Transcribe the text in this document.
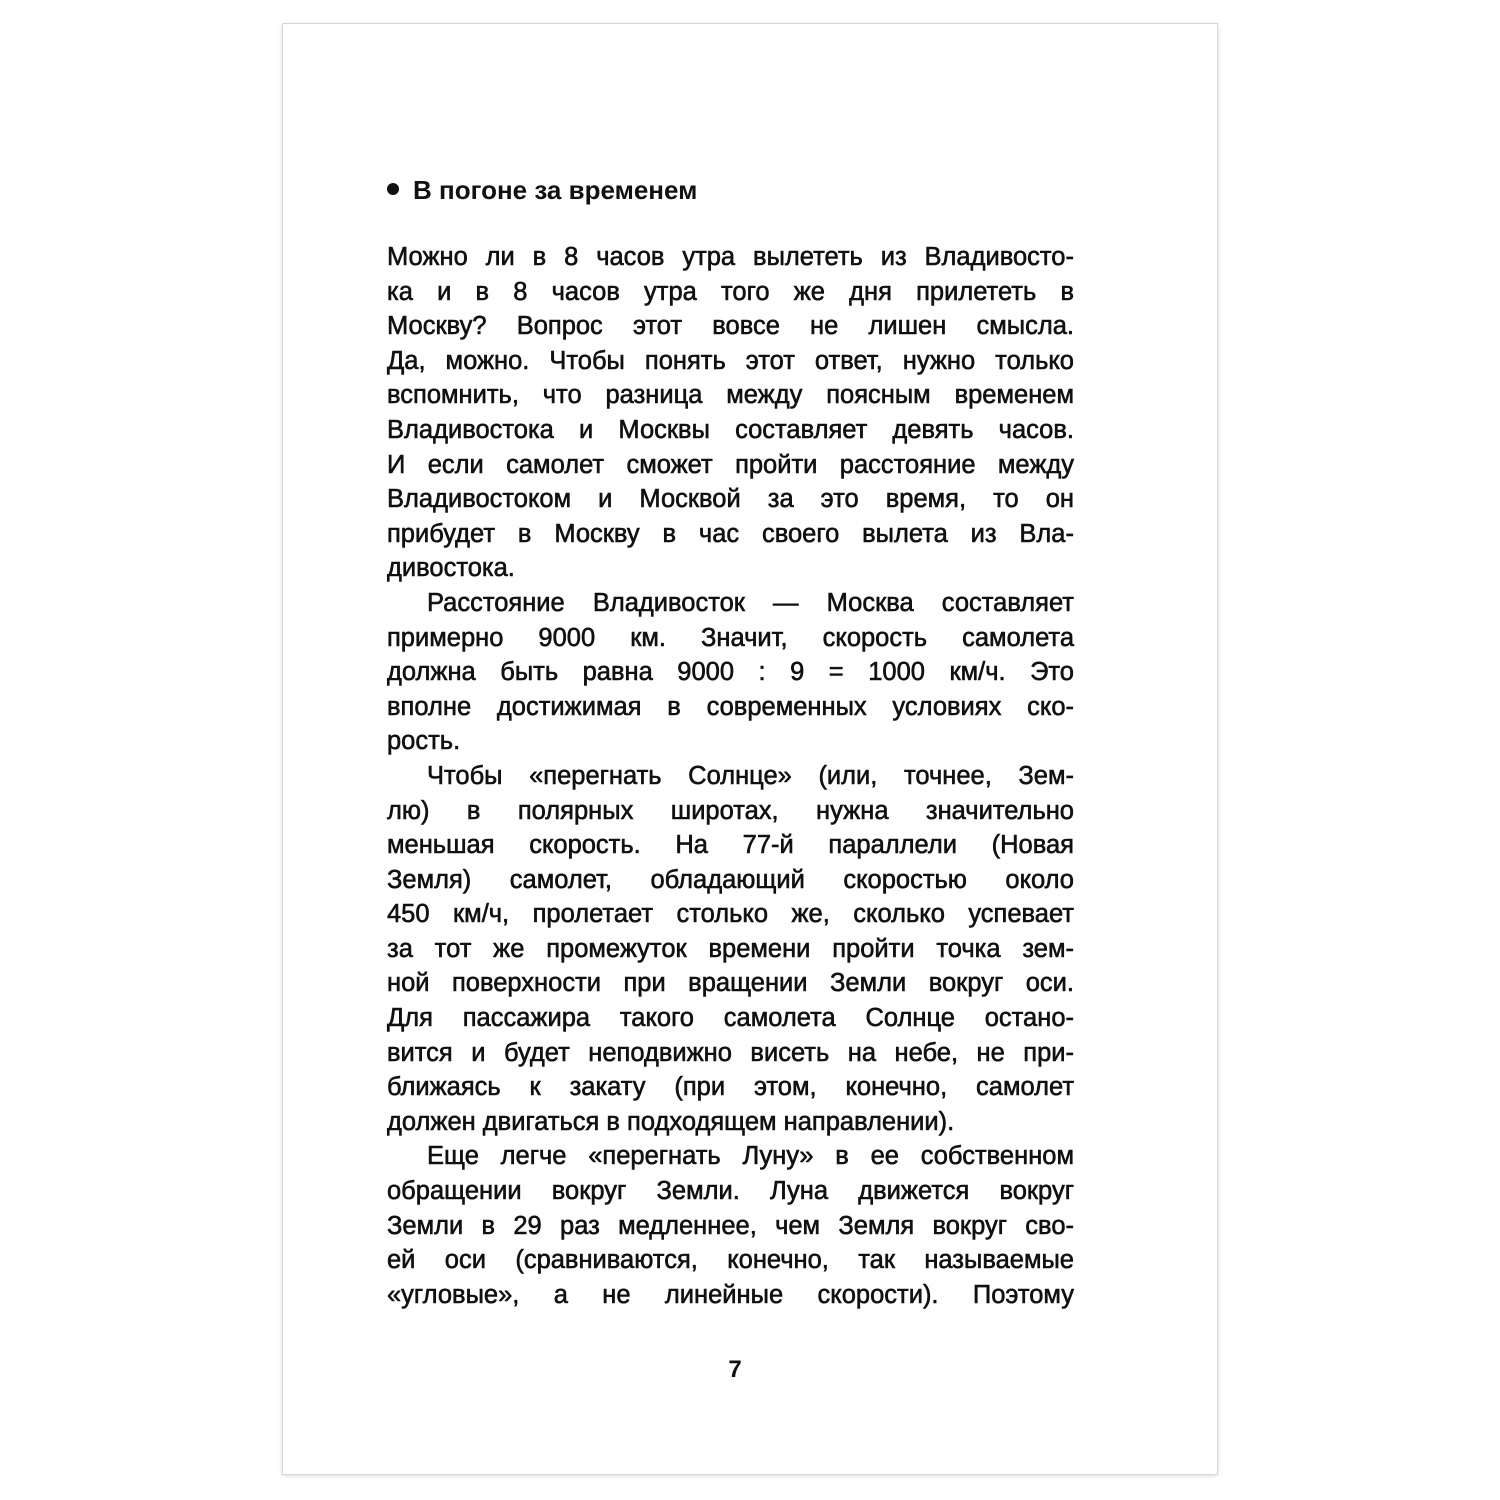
В погоне за временем
Можно ли в 8 часов утра вылететь из Владивосто-
ка и в 8 часов утра того же дня прилететь в
Москву? Вопрос этот вовсе не лишен смысла.
Да, можно. Чтобы понять этот ответ, нужно только
вспомнить, что разница между поясным временем
Владивостока и Москвы составляет девять часов.
И если самолет сможет пройти расстояние между
Владивостоком и Москвой за это время, то он
прибудет в Москву в час своего вылета из Вла-
дивостока.
Расстояние Владивосток — Москва составляет
примерно 9000 км. Значит, скорость самолета
должна быть равна 9000 : 9 = 1000 км/ч. Это
вполне достижимая в современных условиях ско-
рость.
Чтобы «перегнать Солнце» (или, точнее, Зем-
лю) в полярных широтах, нужна значительно
меньшая скорость. На 77-й параллели (Новая
Земля) самолет, обладающий скоростью около
450 км/ч, пролетает столько же, сколько успевает
за тот же промежуток времени пройти точка зем-
ной поверхности при вращении Земли вокруг оси.
Для пассажира такого самолета Солнце остано-
вится и будет неподвижно висеть на небе, не при-
ближаясь к закату (при этом, конечно, самолет
должен двигаться в подходящем направлении).
Еще легче «перегнать Луну» в ее собственном
обращении вокруг Земли. Луна движется вокруг
Земли в 29 раз медленнее, чем Земля вокруг сво-
ей оси (сравниваются, конечно, так называемые
«угловые», а не линейные скорости). Поэтому
7
